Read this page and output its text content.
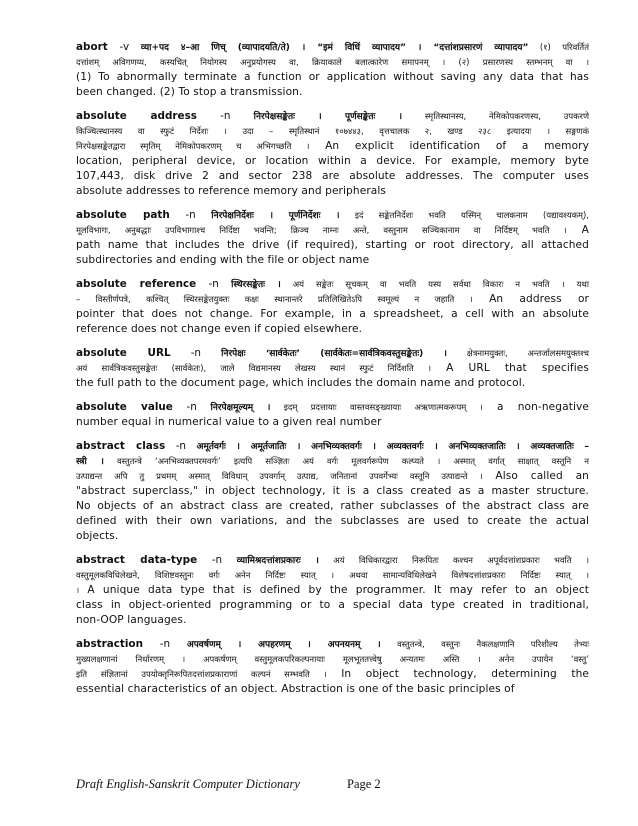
abort -v व्या+पद ४–आ णिच् (व्यापादयति/ते) । “इमं विधिं व्यापादय” । “दत्तांशप्रसारणं व्यापादय” (१) परिवर्तितं
दत्तांशम् अविगणय्य, कस्यचित् नियोगस्य अनुप्रयोगस्य वा, क्रियाकाले बलात्कारेण समापनम् । (२) प्रसारणस्य स्तम्भनम् वा ।
(1) To abnormally terminate a function or application without saving any data that has
been changed. (2) To stop a transmission.
absolute address -n	निरपेक्षसङ्केतः । पूर्णसङ्केतः । स्मृतिस्थानस्य, नेमिकोपकरणस्य, उपकरणे
किञ्चित्स्थानस्य वा स्फुटं निर्देशः । उदा – स्मृतिस्थानं १०७४४३, वृत्तचालक २, खण्ड २३८ इत्यादयः । सङ्गणकं
निरपेक्षसङ्केतद्वारा स्मृतिम् नेमिकोपकरणम् च अभिगच्छति । An explicit identification of a memory
location, peripheral device, or location within a device. For example, memory byte
107,443, disk drive 2 and sector 238 are absolute addresses. The computer uses
absolute addresses to reference memory and peripherals
absolute path -n निरपेक्षनिर्देशः । पूर्णनिर्देशः । इदं सङ्केतनिर्देशः भवति यस्मिन् चालकनाम (यद्यावश्यकम्),
मूलविभागः, अनुबद्धाः उपविभागाश्च निर्दिष्टा भवन्ति; क्रिञ्च नाम्नः अन्ते, वस्तुनाम सञ्चिकानाम वा निर्दिष्टम् भवति । A
path name that includes the drive (if required), starting or root directory, all attached
subdirectories and ending with the file or object name
absolute reference -n स्थिरसङ्केतः । अयं सङ्केतः सूचकम् वा भवति यस्य सर्वथा विकारः न भवति । यथा
– विस्तीर्णपत्रे, कश्चित् स्थिरसङ्केतयुक्तः कक्षः स्थानान्तरे प्रतिलिखितेऽपि स्वमूल्यं न जहाति । An address or
pointer that does not change. For example, in a spreadsheet, a cell with an absolute
reference does not change even if copied elsewhere.
absolute URL -n निरपेक्षः ‘सार्वकेतः’ (सार्वकेतः=सार्वत्रिकवस्तुसङ्केतः) । क्षेत्रनामयुक्तः, अन्तर्जालसमयुक्तश्च
अयं सार्वत्रिकवस्तुसङ्केतः (सार्वकेतः), जाले विद्यमानस्य लेखस्य स्थानं स्फुटं निर्दिशति । A URL that specifies
the full path to the document page, which includes the domain name and protocol.
absolute value -n निरपेक्षमूल्यम् । इदम् प्रदत्तायाः वास्तवसङ्ख्यायाः अऋणात्मकरूपम् । a non-negative
number equal in numerical value to a given real number
abstract class -n अमूर्तवर्गः । अमूर्तजातिः । अनभिव्यक्तवर्गः । अव्यक्तवर्गः । अनभिव्यक्तजातिः । अव्यक्तजातिः –
स्त्री । वस्तुतन्त्रे ‘अनभिव्यक्तपरमवर्गः’ इत्यपि सञ्ज्ञितः अयं वर्गः मूलवर्गरूपेण कल्प्यते । अस्मात् वर्गात् साक्षात् वस्तूनि न
उत्पाद्यन्त अपि तु प्रथमम् अस्मात् विविधान् उपवर्गान् उत्पाद्य, जनितानां उपवर्गेभ्यः वस्तूनि उत्पाद्यन्ते । Also called an
"abstract superclass," in object technology, it is a class created as a master structure.
No objects of an abstract class are created, rather subclasses of the abstract class are
defined with their own variations, and the subclasses are used to create the actual
objects.
abstract data-type -n व्यामिश्रदत्तांशप्रकारः । अयं विधिकारद्वारा निरूपितः कश्चन अपूर्वदत्तांशप्रकारः भवति ।
वस्तुमूलकविधिलेखने, विशिष्टवस्तुनः वर्गः अनेन निर्दिष्टः स्यात् । अथवा सामान्यविधिलेखने विशेषदत्तांशप्रकारः निर्दिष्टः स्यात् ।
। A unique data type that is defined by the programmer. It may refer to an object
class in object-oriented programming or to a special data type created in traditional,
non-OOP languages.
abstraction -n अपवर्षणम् । अपहरणम् । अपनयनम् । वस्तुतन्त्रे, वस्तुनः नैकलक्षणानि परिशील्य तेभ्यः
मुख्यलक्षणानां निर्धारणम् । अपकर्षणम् वस्तुमूलकपरिकल्पनायाः मूलभूततत्त्वेषु अन्यतमः अस्ति । अनेन उपायेन ‘वस्तु’
इति संज्ञितानां उपयोक्तृनिरूपितदत्तांशप्रकाराणां कल्पनं सम्भवति । In object technology, determining the
essential characteristics of an object. Abstraction is one of the basic principles of
Draft English-Sanskrit Computer Dictionary	Page 2
